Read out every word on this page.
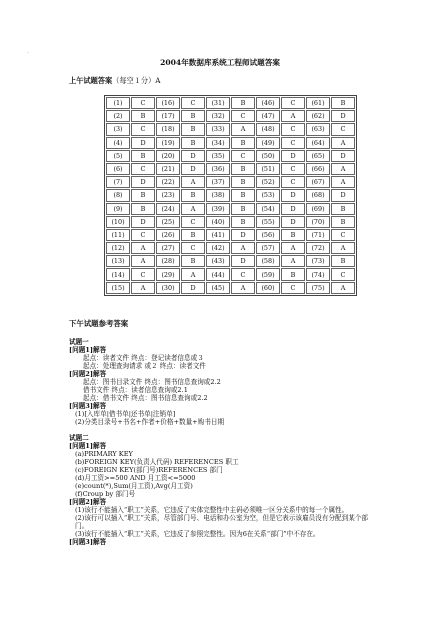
．
2004年数据库系统工程师试题答案
上午试题答案（每空１分）A
(1)	C	(16)	C	(31)	B	(46)	C	(61)	B
(2)	B	(17)	B	(32)	C	(47)	A	(62)	D
(3)	C	(18)	B	(33)	A	(48)	C	(63)	C
(4)	D	(19)	B	(34)	B	(49)	C	(64)	A
(5)	B	(20)	D	(35)	C	(50)	D	(65)	D
(6)	C	(21)	D	(36)	B	(51)	C	(66)	A
(7)	D	(22)	A	(37)	B	(52)	C	(67)	A
(8)	B	(23)	B	(38)	B	(53)	D	(68)	D
(9)	B	(24)	A	(39)	B	(54)	D	(69)	B
(10)	D	(25)	C	(40)	B	(55)	D	(70)	B
(11)	C	(26)	B	(41)	D	(56)	B	(71)	C
(12)	A	(27)	C	(42)	A	(57)	A	(72)	A
(13)	A	(28)	B	(43)	D	(58)	A	(73)	B
(14)	C	(29)	A	(44)	C	(59)	B	(74)	C
(15)	A	(30)	D	(45)	A	(60)	C	(75)	A
下午试题参考答案
试题一
[问题1]解答
起点：读者文件 终点：登记读者信息或３
起点：处理查询请求 或２ 终点：读者文件
[问题2]解答
起点：图书目录文件 终点：图书信息查询或2.2
借书文件 终点：读者信息查询或2.1
起点：借书文件 终点：图书信息查询或2.2
[问题3]解答
(1)[入库单|借书单|还书单|注销单]
(2)分类目录号+书名+作者+价格+数量+购书日期
试题二
[问题1]解答
(a)PRIMARY KEY
(b)FOREIGN KEY(负责人代码) REFERENCES 职工
(c)FOREIGN KEY(部门号)REFERENCES 部门
(d)月工资>=500 AND 月工资<=5000
(e)count(*),Sum(月工资),Avg(月工资)
(f)Croup by 部门号
[问题2]解答
(1)该行不能插入“职工”关系，它违反了实体完整性中主码必须唯一区分关系中的每一个属性。
(2)该行可以插入“职工”关系，尽管部门号、电话和办公室为空，但是它表示该雇员没有分配到某个部门。
(3)该行不能插入“职工”关系，它违反了参照完整性。因为6在关系“部门”中不存在。
[问题3]解答
